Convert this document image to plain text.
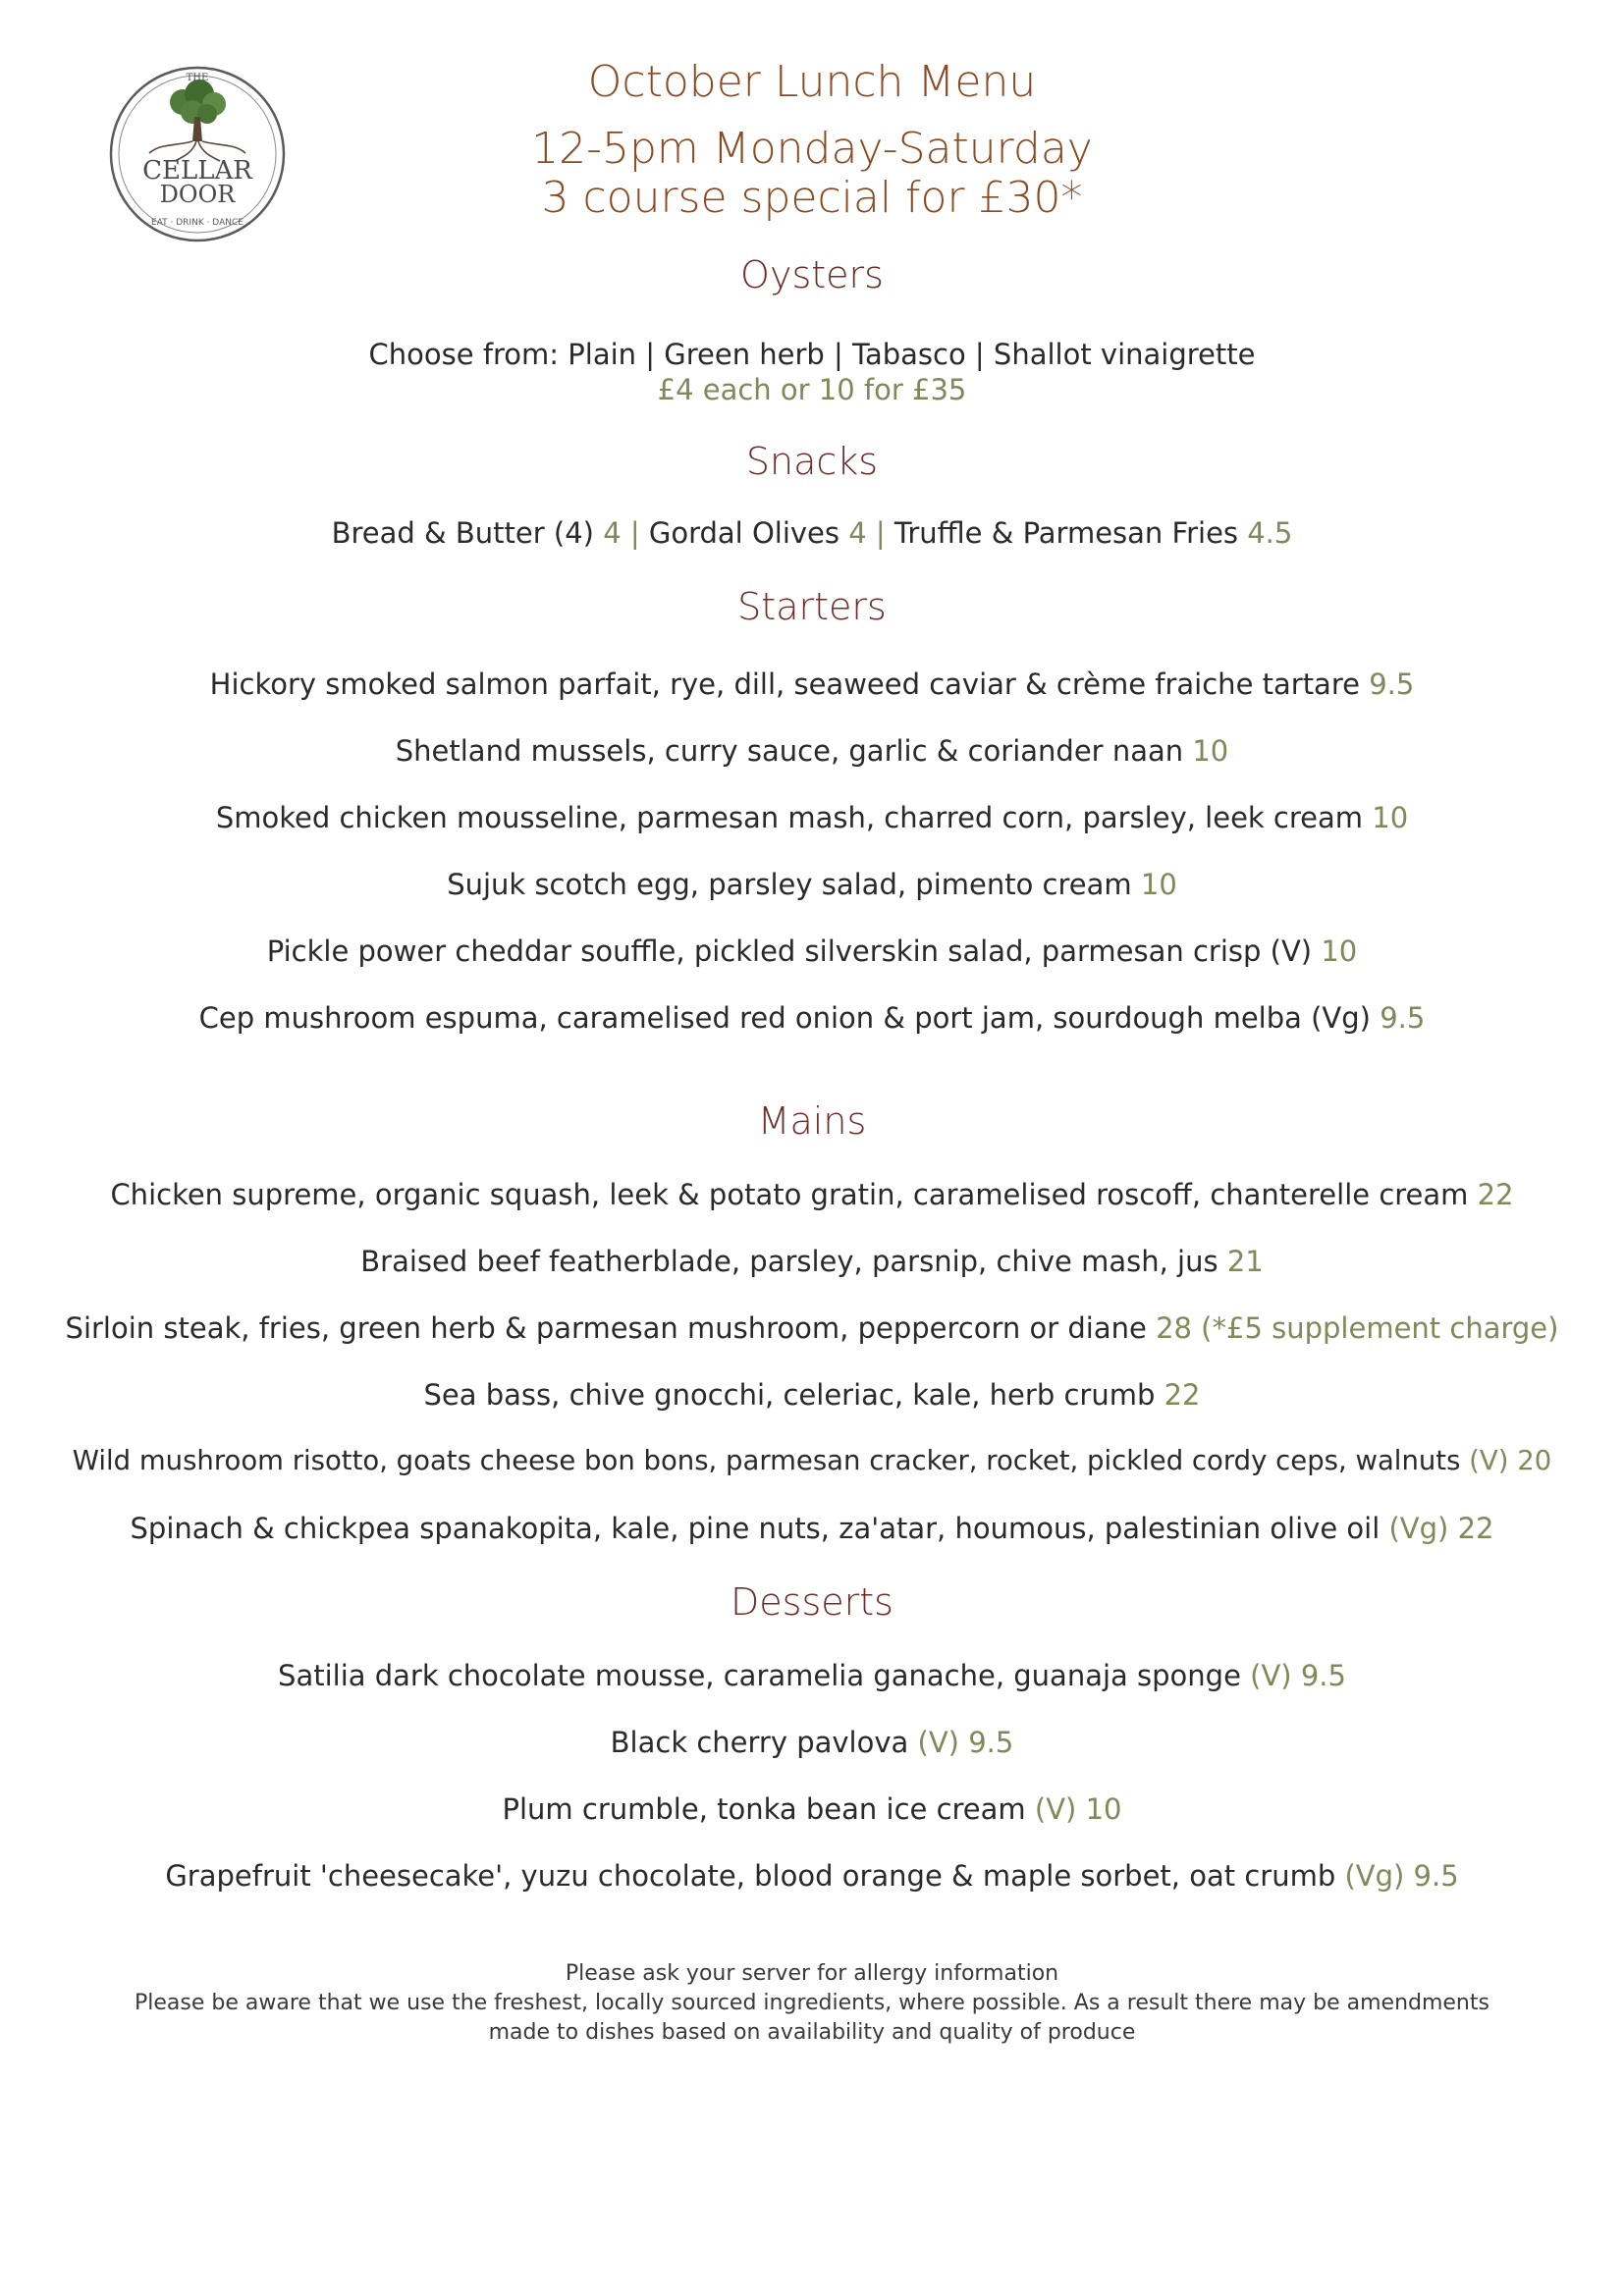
THE
CELLAR
DOOR
EAT · DRINK · DANCE
October Lunch Menu
12-5pm Monday-Saturday
3 course special for £30*
Oysters
Choose from: Plain | Green herb | Tabasco | Shallot vinaigrette
£4 each or 10 for £35
Snacks
Bread & Butter (4) 4 | Gordal Olives 4 | Truffle & Parmesan Fries 4.5
Starters
Hickory smoked salmon parfait, rye, dill, seaweed caviar & crème fraiche tartare 9.5
Shetland mussels, curry sauce, garlic & coriander naan 10
Smoked chicken mousseline, parmesan mash, charred corn, parsley, leek cream 10
Sujuk scotch egg, parsley salad, pimento cream 10
Pickle power cheddar souffle, pickled silverskin salad, parmesan crisp (V) 10
Cep mushroom espuma, caramelised red onion & port jam, sourdough melba (Vg) 9.5
Mains
Chicken supreme, organic squash, leek & potato gratin, caramelised roscoff, chanterelle cream 22
Braised beef featherblade, parsley, parsnip, chive mash, jus 21
Sirloin steak, fries, green herb & parmesan mushroom, peppercorn or diane 28 (*£5 supplement charge)
Sea bass, chive gnocchi, celeriac, kale, herb crumb 22
Wild mushroom risotto, goats cheese bon bons, parmesan cracker, rocket, pickled cordy ceps, walnuts (V) 20
Spinach & chickpea spanakopita, kale, pine nuts, za'atar, houmous, palestinian olive oil (Vg) 22
Desserts
Satilia dark chocolate mousse, caramelia ganache, guanaja sponge (V) 9.5
Black cherry pavlova (V) 9.5
Plum crumble, tonka bean ice cream (V) 10
Grapefruit 'cheesecake', yuzu chocolate, blood orange & maple sorbet, oat crumb (Vg) 9.5
Please ask your server for allergy information
Please be aware that we use the freshest, locally sourced ingredients, where possible. As a result there may be amendments
made to dishes based on availability and quality of produce
